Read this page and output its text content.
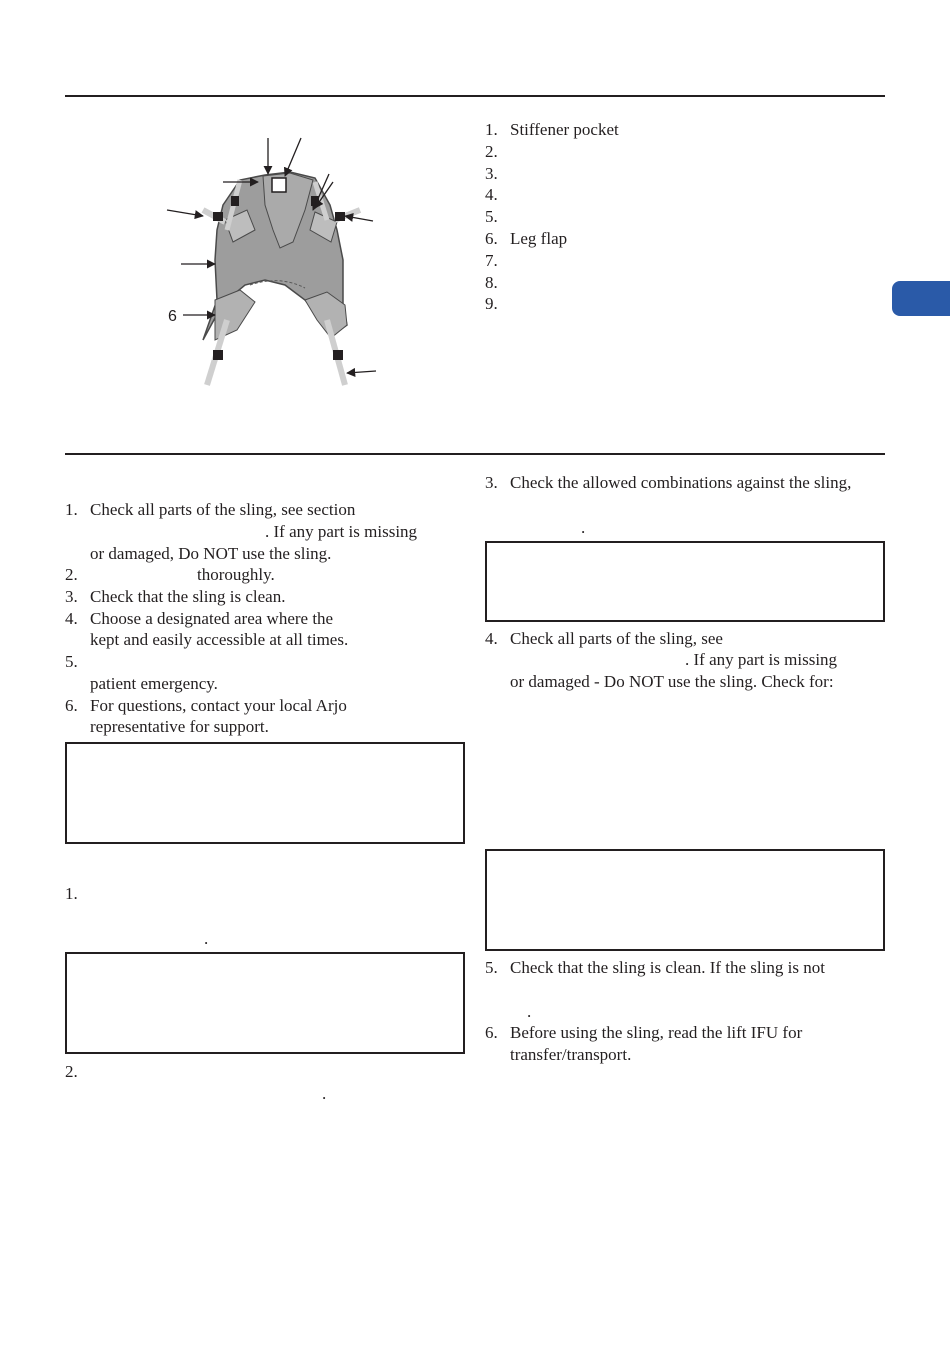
6
1. Stiffener pocket
2.
3.
4.
5.
6. Leg flap
7.
8.
9.
1. Check all parts of the sling, see section
. If any part is missing
or damaged, Do NOT use the sling.
2.	thoroughly.
3. Check that the sling is clean.
4. Choose a designated area where the
kept and easily accessible at all times.
5.
patient emergency.
6. For questions, contact your local Arjo
representative for support.
1.
.
2.
.
3. Check the allowed combinations against the sling,
.
4. Check all parts of the sling, see
. If any part is missing
or damaged - Do NOT use the sling. Check for:
5. Check that the sling is clean. If the sling is not
.
6. Before using the sling, read the lift IFU for
transfer/transport.
